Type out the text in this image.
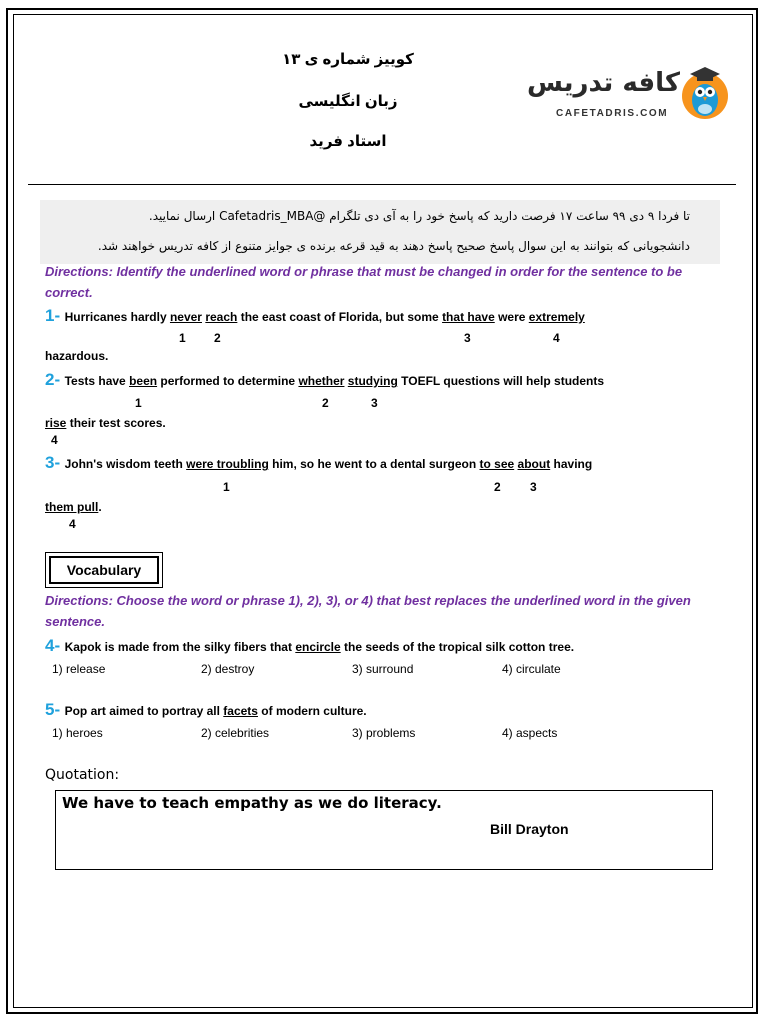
کوییز شماره ی ۱۳
زبان انگلیسی
استاد فرید
کافه تدریس
CAFETADRIS.COM
تا فردا ۹ دی ۹۹ ساعت ۱۷ فرصت دارید که پاسخ خود را به آی دی تلگرام @Cafetadris_MBA ارسال نمایید.
دانشجویانی که بتوانند به این سوال پاسخ صحیح پاسخ دهند به قید قرعه برنده ی جوایز متنوع از کافه تدریس خواهند شد.
Directions: Identify the underlined word or phrase that must be changed in order for the sentence to be correct.
1- Hurricanes hardly never reach the east coast of Florida, but some that have were extremely
1 2	3	4
hazardous.
2- Tests have been performed to determine whether studying TOEFL questions will help students
1	2	3
rise their test scores.
4
3- John's wisdom teeth were troubling him, so he went to a dental surgeon to see about having
1	2 3
them pull.
4
Vocabulary
Directions: Choose the word or phrase 1), 2), 3), or 4) that best replaces the underlined word in the given sentence.
4- Kapok is made from the silky fibers that encircle the seeds of the tropical silk cotton tree.
1) release	2) destroy	3) surround	4) circulate
5- Pop art aimed to portray all facets of modern culture.
1) heroes	2) celebrities	3) problems	4) aspects
Quotation:
We have to teach empathy as we do literacy.
Bill Drayton
